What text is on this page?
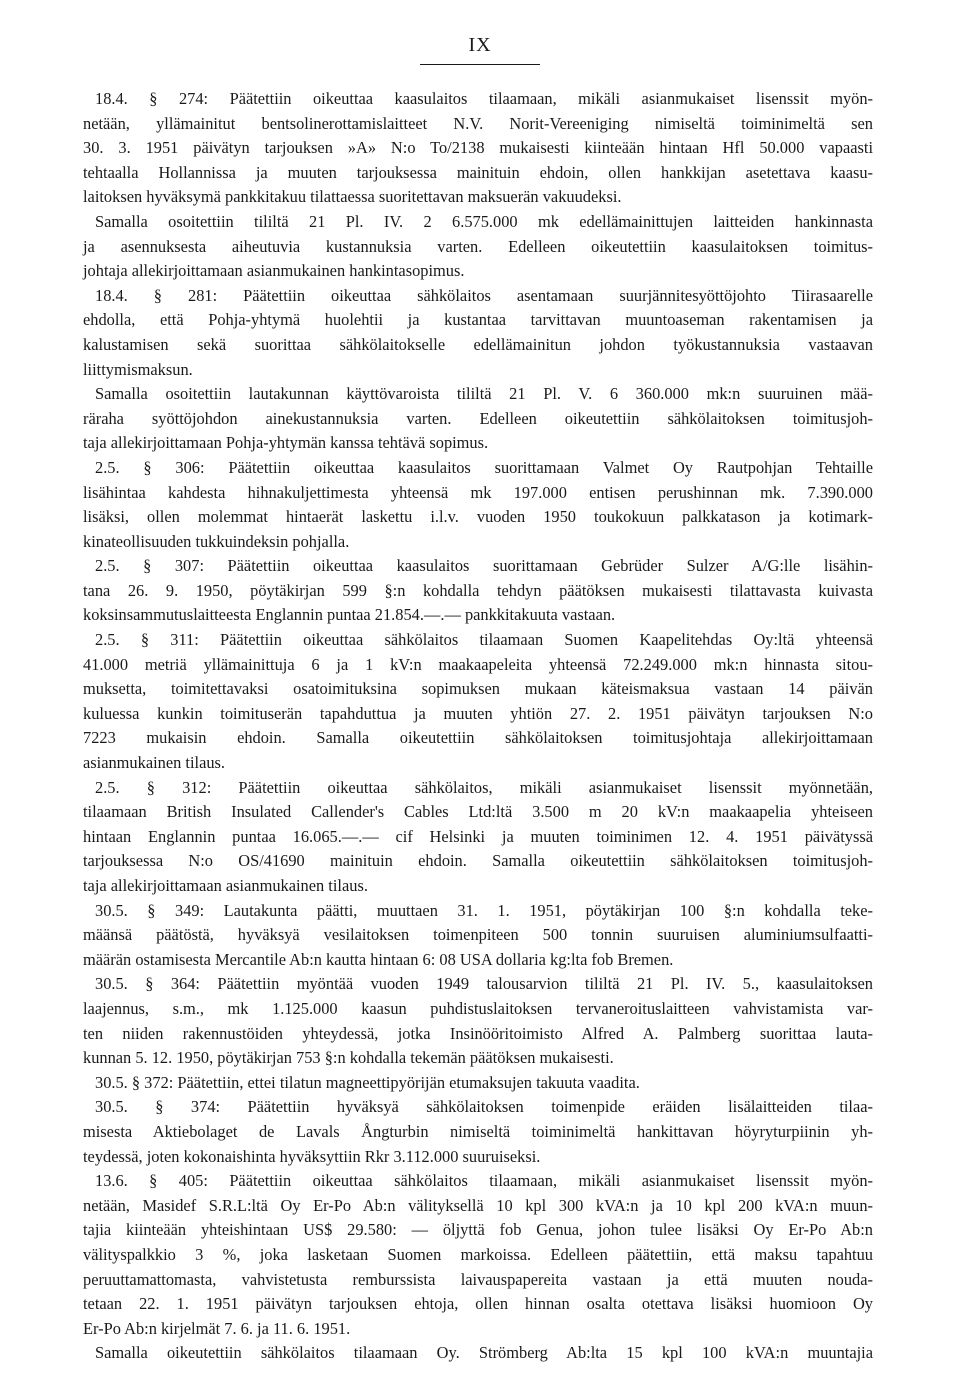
IX
18.4. § 274: Päätettiin oikeuttaa kaasulaitos tilaamaan, mikäli asianmukaiset lisenssit myön-
netään, yllämainitut bentsolinerottamislaitteet N.V. Norit-Vereeniging nimiseltä toiminimeltä sen
30. 3. 1951 päivätyn tarjouksen »A» N:o To/2138 mukaisesti kiinteään hintaan Hfl 50.000 vapaasti
tehtaalla Hollannissa ja muuten tarjouksessa mainituin ehdoin, ollen hankkijan asetettava kaasu-
laitoksen hyväksymä pankkitakuu tilattaessa suoritettavan maksuerän vakuudeksi.
Samalla osoitettiin tililtä 21 Pl. IV. 2 6.575.000 mk edellämainittujen laitteiden hankinnasta
ja asennuksesta aiheutuvia kustannuksia varten. Edelleen oikeutettiin kaasulaitoksen toimitus-
johtaja allekirjoittamaan asianmukainen hankintasopimus.
18.4. § 281: Päätettiin oikeuttaa sähkölaitos asentamaan suurjännitesyöttöjohto Tiirasaarelle
ehdolla, että Pohja-yhtymä huolehtii ja kustantaa tarvittavan muuntoaseman rakentamisen ja
kalustamisen sekä suorittaa sähkölaitokselle edellämainitun johdon työkustannuksia vastaavan
liittymismaksun.
Samalla osoitettiin lautakunnan käyttövaroista tililtä 21 Pl. V. 6 360.000 mk:n suuruinen mää-
räraha syöttöjohdon ainekustannuksia varten. Edelleen oikeutettiin sähkölaitoksen toimitusjoh-
taja allekirjoittamaan Pohja-yhtymän kanssa tehtävä sopimus.
2.5. § 306: Päätettiin oikeuttaa kaasulaitos suorittamaan Valmet Oy Rautpohjan Tehtaille
lisähintaa kahdesta hihnakuljettimesta yhteensä mk 197.000 entisen perushinnan mk. 7.390.000
lisäksi, ollen molemmat hintaerät laskettu i.l.v. vuoden 1950 toukokuun palkkatason ja kotimark-
kinateollisuuden tukkuindeksin pohjalla.
2.5. § 307: Päätettiin oikeuttaa kaasulaitos suorittamaan Gebrüder Sulzer A/G:lle lisähin-
tana 26. 9. 1950, pöytäkirjan 599 §:n kohdalla tehdyn päätöksen mukaisesti tilattavasta kuivasta
koksinsammutuslaitteesta Englannin puntaa 21.854.—.— pankkitakuuta vastaan.
2.5. § 311: Päätettiin oikeuttaa sähkölaitos tilaamaan Suomen Kaapelitehdas Oy:ltä yhteensä
41.000 metriä yllämainittuja 6 ja 1 kV:n maakaapeleita yhteensä 72.249.000 mk:n hinnasta sitou-
muksetta, toimitettavaksi osatoimituksina sopimuksen mukaan käteismaksua vastaan 14 päivän
kuluessa kunkin toimituserän tapahduttua ja muuten yhtiön 27. 2. 1951 päivätyn tarjouksen N:o
7223 mukaisin ehdoin. Samalla oikeutettiin sähkölaitoksen toimitusjohtaja allekirjoittamaan
asianmukainen tilaus.
2.5. § 312: Päätettiin oikeuttaa sähkölaitos, mikäli asianmukaiset lisenssit myönnetään,
tilaamaan British Insulated Callender's Cables Ltd:ltä 3.500 m 20 kV:n maakaapelia yhteiseen
hintaan Englannin puntaa 16.065.—.— cif Helsinki ja muuten toiminimen 12. 4. 1951 päivätyssä
tarjouksessa N:o OS/41690 mainituin ehdoin. Samalla oikeutettiin sähkölaitoksen toimitusjoh-
taja allekirjoittamaan asianmukainen tilaus.
30.5. § 349: Lautakunta päätti, muuttaen 31. 1. 1951, pöytäkirjan 100 §:n kohdalla teke-
määnsä päätöstä, hyväksyä vesilaitoksen toimenpiteen 500 tonnin suuruisen aluminiumsulfaatti-
määrän ostamisesta Mercantile Ab:n kautta hintaan 6: 08 USA dollaria kg:lta fob Bremen.
30.5. § 364: Päätettiin myöntää vuoden 1949 talousarvion tililtä 21 Pl. IV. 5., kaasulaitoksen
laajennus, s.m., mk 1.125.000 kaasun puhdistuslaitoksen tervaneroituslaitteen vahvistamista var-
ten niiden rakennustöiden yhteydessä, jotka Insinööritoimisto Alfred A. Palmberg suorittaa lauta-
kunnan 5. 12. 1950, pöytäkirjan 753 §:n kohdalla tekemän päätöksen mukaisesti.
30.5. § 372: Päätettiin, ettei tilatun magneettipyörijän etumaksujen takuuta vaadita.
30.5. § 374: Päätettiin hyväksyä sähkölaitoksen toimenpide eräiden lisälaitteiden tilaa-
misesta Aktiebolaget de Lavals Ångturbin nimiseltä toiminimeltä hankittavan höyryturpiinin yh-
teydessä, joten kokonaishinta hyväksyttiin Rkr 3.112.000 suuruiseksi.
13.6. § 405: Päätettiin oikeuttaa sähkölaitos tilaamaan, mikäli asianmukaiset lisenssit myön-
netään, Masidef S.R.L:ltä Oy Er-Po Ab:n välityksellä 10 kpl 300 kVA:n ja 10 kpl 200 kVA:n muun-
tajia kiinteään yhteishintaan US$ 29.580: — öljyttä fob Genua, johon tulee lisäksi Oy Er-Po Ab:n
välityspalkkio 3 %, joka lasketaan Suomen markoissa. Edelleen päätettiin, että maksu tapahtuu
peruuttamattomasta, vahvistetusta remburssista laivauspapereita vastaan ja että muuten nouda-
tetaan 22. 1. 1951 päivätyn tarjouksen ehtoja, ollen hinnan osalta otettava lisäksi huomioon Oy
Er-Po Ab:n kirjelmät 7. 6. ja 11. 6. 1951.
Samalla oikeutettiin sähkölaitos tilaamaan Oy. Strömberg Ab:lta 15 kpl 100 kVA:n muuntajia
